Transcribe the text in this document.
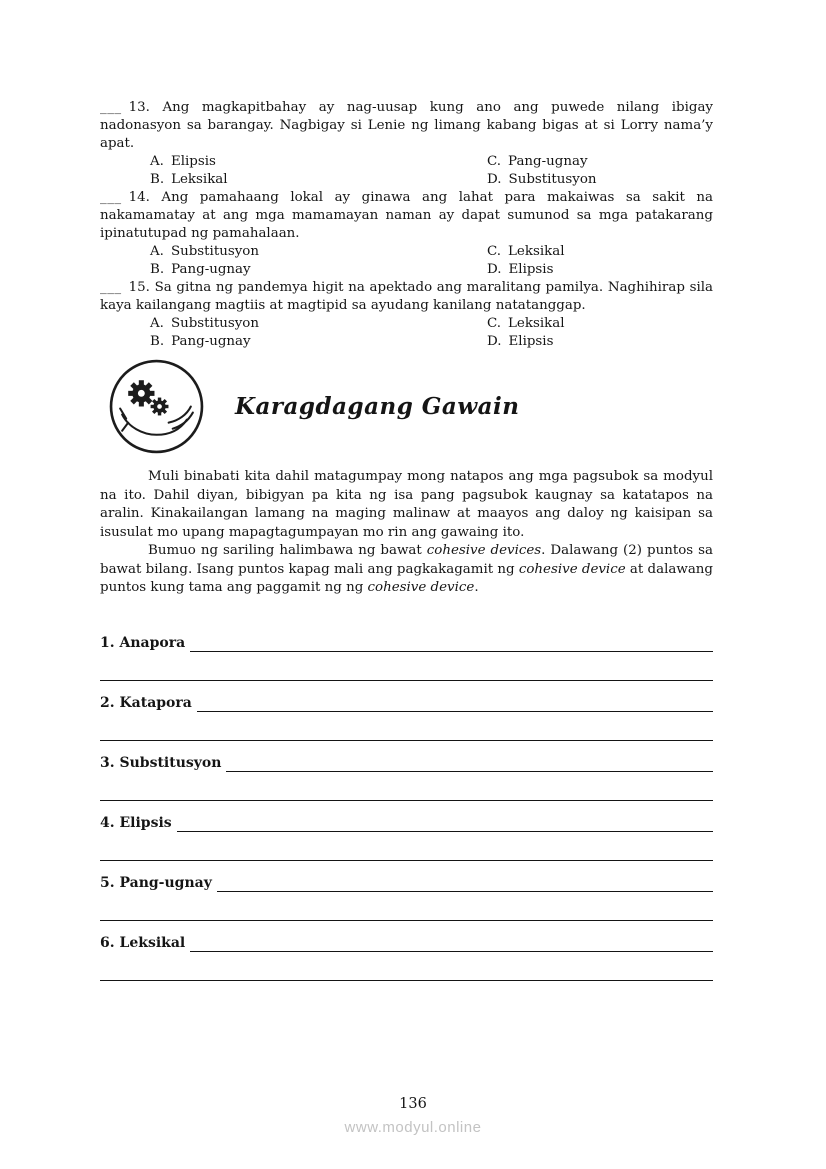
___ 13. Ang magkapitbahay ay nag-uusap kung ano ang puwede nilang ibigay nadonasyon sa barangay. Nagbigay si Lenie ng limang kabang bigas at si Lorry nama’y apat.

A. Elipsis	C. Pang-ugnay
B. Leksikal	D. Substitusyon

___ 14. Ang pamahaang lokal ay ginawa ang lahat para makaiwas sa sakit na nakamamatay at ang mga mamamayan naman ay dapat sumunod sa mga patakarang ipinatutupad ng pamahalaan.

A. Substitusyon	C. Leksikal
B. Pang-ugnay	D. Elipsis

___ 15. Sa gitna ng pandemya higit na apektado ang maralitang pamilya. Naghihirap sila kaya kailangang magtiis at magtipid sa ayudang kanilang natatanggap.

A. Substitusyon	C. Leksikal
B. Pang-ugnay	D. Elipsis
Karagdagang Gawain

Muli binabati kita dahil matagumpay mong natapos ang mga pagsubok sa modyul na ito. Dahil diyan, bibigyan pa kita ng isa pang pagsubok kaugnay sa katatapos na aralin. Kinakailangan lamang na maging malinaw at maayos ang daloy ng kaisipan sa isusulat mo upang mapagtagumpayan mo rin ang gawaing ito.

Bumuo ng sariling halimbawa ng bawat cohesive devices. Dalawang (2) puntos sa bawat bilang. Isang puntos kapag mali ang pagkakagamit ng cohesive device at dalawang puntos kung tama ang paggamit ng ng cohesive device.

1. Anapora
2. Katapora
3. Substitusyon
4. Elipsis
5. Pang-ugnay
6. Leksikal
136
www.modyul.online
